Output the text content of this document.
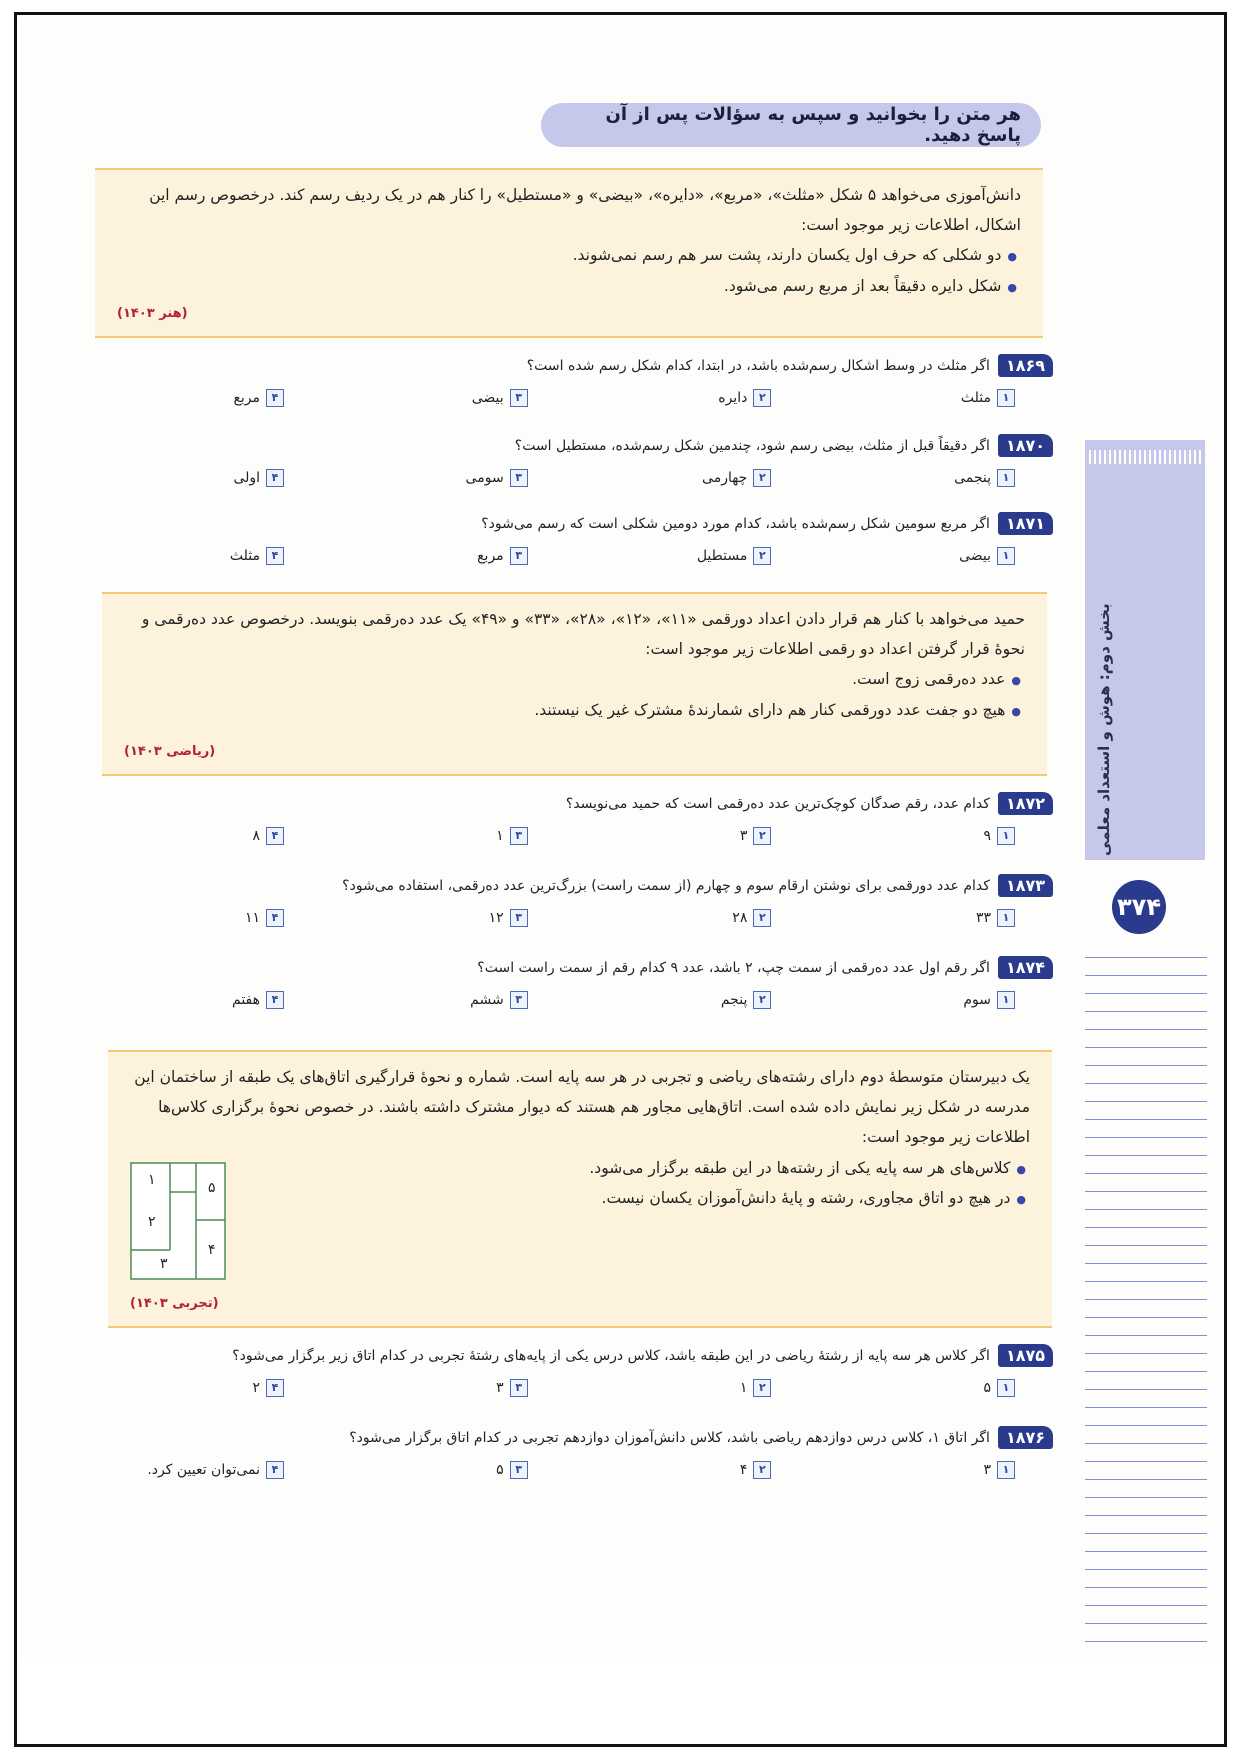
بخش دوم: هوش و استعداد معلمی
۳۷۴
هر متن را بخوانید و سپس به سؤالات پس از آن پاسخ دهید.
دانش‌آموزی می‌خواهد ۵ شکل «مثلث»، «مربع»، «دایره»، «بیضی» و «مستطیل» را کنار هم در یک ردیف رسم کند. درخصوص رسم این اشکال، اطلاعات زیر موجود است:
● دو شکلی که حرف اول یکسان دارند، پشت سر هم رسم نمی‌شوند.
● شکل دایره دقیقاً بعد از مربع رسم می‌شود.
(هنر ۱۴۰۳)
۱۸۶۹
اگر مثلث در وسط اشکال رسم‌شده باشد، در ابتدا، کدام شکل رسم شده است؟
۱
مثلث
۲
دایره
۳
بیضی
۴
مربع
۱۸۷۰
اگر دقیقاً قبل از مثلث، بیضی رسم شود، چندمین شکل رسم‌شده، مستطیل است؟
۱
پنجمی
۲
چهارمی
۳
سومی
۴
اولی
۱۸۷۱
اگر مربع سومین شکل رسم‌شده باشد، کدام مورد دومین شکلی است که رسم می‌شود؟
۱
بیضی
۲
مستطیل
۳
مربع
۴
مثلث
حمید می‌خواهد با کنار هم قرار دادن اعداد دورقمی «۱۱»، «۱۲»، «۲۸»، «۳۳» و «۴۹» یک عدد ده‌رقمی بنویسد. درخصوص عدد ده‌رقمی و نحوهٔ قرار گرفتن اعداد دو رقمی اطلاعات زیر موجود است:
● عدد ده‌رقمی زوج است.
● هیچ دو جفت عدد دورقمی کنار هم دارای شمارندهٔ مشترک غیر یک نیستند.
(ریاضی ۱۴۰۳)
۱۸۷۲
کدام عدد، رقم صدگان کوچک‌ترین عدد ده‌رقمی است که حمید می‌نویسد؟
۱
۹
۲
۳
۳
۱
۴
۸
۱۸۷۳
کدام عدد دورقمی برای نوشتن ارقام سوم و چهارم (از سمت راست) بزرگ‌ترین عدد ده‌رقمی، استفاده می‌شود؟
۱
۳۳
۲
۲۸
۳
۱۲
۴
۱۱
۱۸۷۴
اگر رقم اول عدد ده‌رقمی از سمت چپ، ۲ باشد، عدد ۹ کدام رقم از سمت راست است؟
۱
سوم
۲
پنجم
۳
ششم
۴
هفتم
یک دبیرستان متوسطهٔ دوم دارای رشته‌های ریاضی و تجربی در هر سه پایه است. شماره و نحوهٔ قرارگیری اتاق‌های یک طبقه از ساختمان این مدرسه در شکل زیر نمایش داده شده است. اتاق‌هایی مجاور هم هستند که دیوار مشترک داشته باشند. در خصوص نحوهٔ برگزاری کلاس‌ها اطلاعات زیر موجود است:
● کلاس‌های هر سه پایه یکی از رشته‌ها در این طبقه برگزار می‌شود.
● در هیچ دو اتاق مجاوری، رشته و پایهٔ دانش‌آموزان یکسان نیست.
(تجربی ۱۴۰۳)
۱	۵
۲
۴
۳
۱۸۷۵
اگر کلاس هر سه پایه از رشتهٔ ریاضی در این طبقه باشد، کلاس درس یکی از پایه‌های رشتهٔ تجربی در کدام اتاق زیر برگزار می‌شود؟
۱
۵
۲
۱
۳
۳
۴
۲
۱۸۷۶
اگر اتاق ۱، کلاس درس دوازدهم ریاضی باشد، کلاس دانش‌آموزان دوازدهم تجربی در کدام اتاق برگزار می‌شود؟
۱
۳
۲
۴
۳
۵
۴
نمی‌توان تعیین کرد.
